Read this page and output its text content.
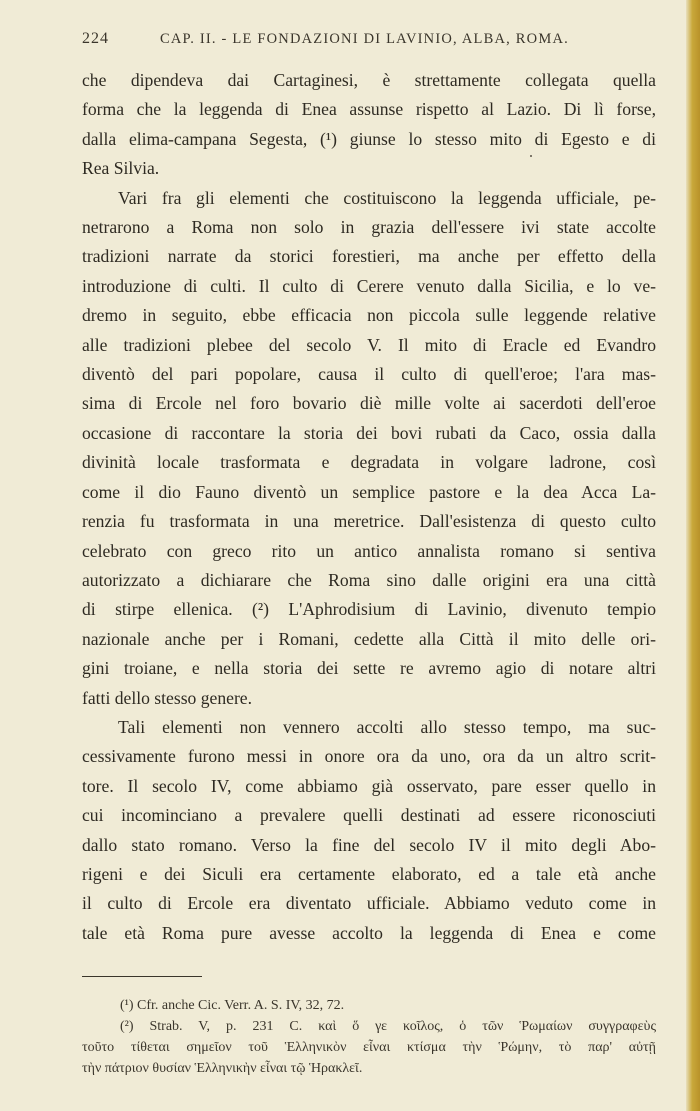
224	CAP. II. - LE FONDAZIONI DI LAVINIO, ALBA, ROMA.

che dipendeva dai Cartaginesi, è strettamente collegata quella
forma che la leggenda di Enea assunse rispetto al Lazio. Di lì forse,
dalla elima-campana Segesta, (¹) giunse lo stesso mito di Egesto e di
Rea Silvia.

Vari fra gli elementi che costituiscono la leggenda ufficiale, pe-
netrarono a Roma non solo in grazia dell'essere ivi state accolte
tradizioni narrate da storici forestieri, ma anche per effetto della
introduzione di culti. Il culto di Cerere venuto dalla Sicilia, e lo ve-
dremo in seguito, ebbe efficacia non piccola sulle leggende relative
alle tradizioni plebee del secolo V. Il mito di Eracle ed Evandro
diventò del pari popolare, causa il culto di quell'eroe; l'ara mas-
sima di Ercole nel foro bovario diè mille volte ai sacerdoti dell'eroe
occasione di raccontare la storia dei bovi rubati da Caco, ossia dalla
divinità locale trasformata e degradata in volgare ladrone, così
come il dio Fauno diventò un semplice pastore e la dea Acca La-
renzia fu trasformata in una meretrice. Dall'esistenza di questo culto
celebrato con greco rito un antico annalista romano si sentiva
autorizzato a dichiarare che Roma sino dalle origini era una città
di stirpe ellenica. (²) L'Aphrodisium di Lavinio, divenuto tempio
nazionale anche per i Romani, cedette alla Città il mito delle ori-
gini troiane, e nella storia dei sette re avremo agio di notare altri
fatti dello stesso genere.

Tali elementi non vennero accolti allo stesso tempo, ma suc-
cessivamente furono messi in onore ora da uno, ora da un altro scrit-
tore. Il secolo IV, come abbiamo già osservato, pare esser quello in
cui incominciano a prevalere quelli destinati ad essere riconosciuti
dallo stato romano. Verso la fine del secolo IV il mito degli Abo-
rigeni e dei Siculi era certamente elaborato, ed a tale età anche
il culto di Ercole era diventato ufficiale. Abbiamo veduto come in
tale età Roma pure avesse accolto la leggenda di Enea e come

(¹) Cfr. anche Cic. Verr. A. S. IV, 32, 72.

(²) Strab. V, p. 231 C. καὶ ὅ γε κοῖλος, ὁ τῶν Ῥωμαίων συγγραφεὺς
τοῦτο τίθεται σημεῖον τοῦ Ἑλληνικὸν εἶναι κτίσμα τὴν Ῥώμην, τὸ παρ' αὐτῇ
τὴν πάτριον θυσίαν Ἑλληνικὴν εἶναι τῷ Ἡρακλεῖ.
